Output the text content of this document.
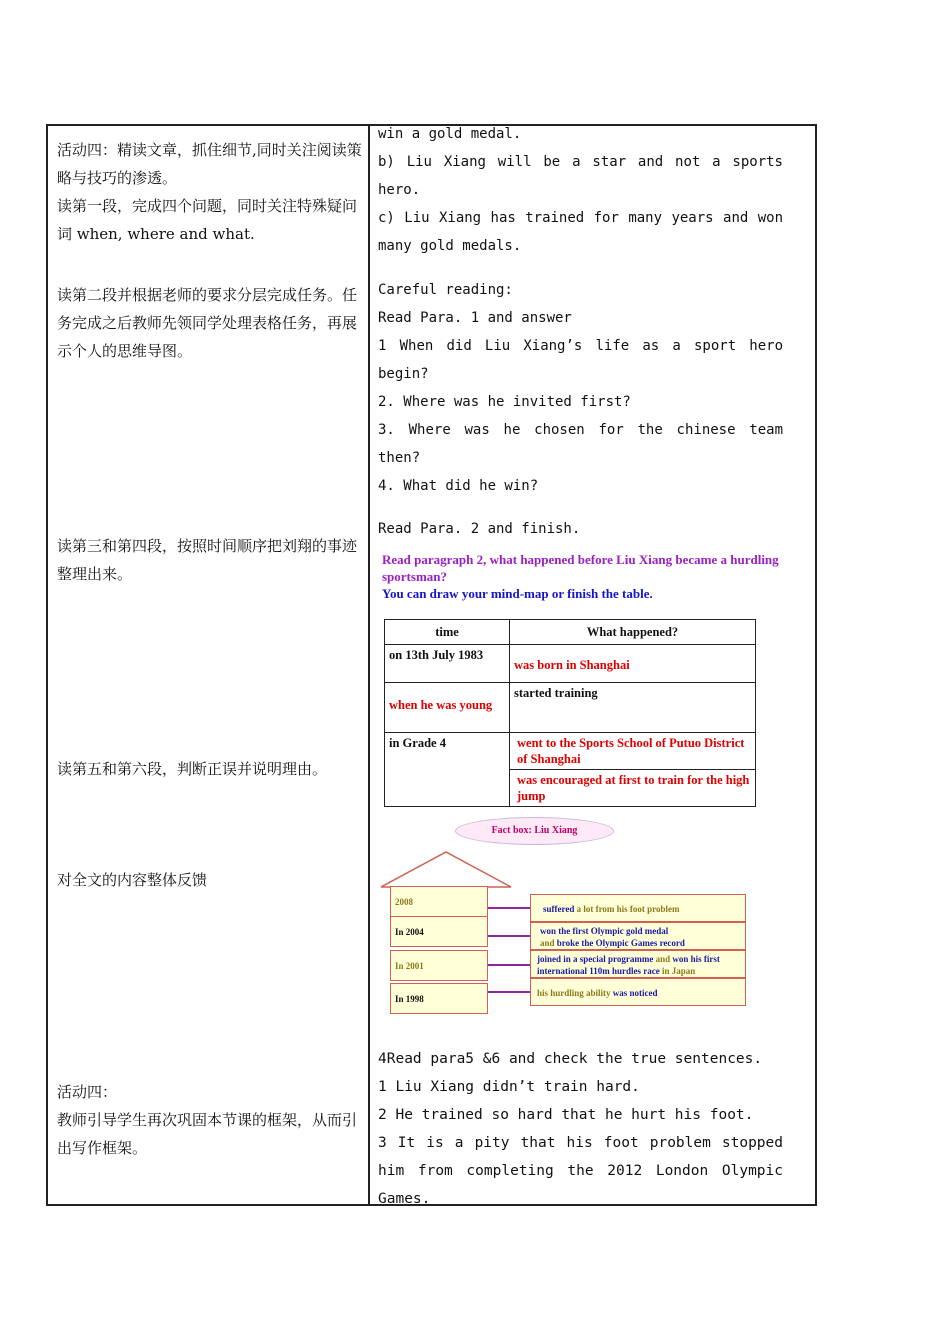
活动四：精读文章，抓住细节,同时关注阅读策略与技巧的渗透。

读第一段，完成四个问题，同时关注特殊疑问词 when, where and what.

读第二段并根据老师的要求分层完成任务。任务完成之后教师先领同学处理表格任务，再展示个人的思维导图。

读第三和第四段，按照时间顺序把刘翔的事迹整理出来。

读第五和第六段，判断正误并说明理由。

对全文的内容整体反馈

活动四：

教师引导学生再次巩固本节课的框架，从而引出写作框架。

win a gold medal.

b) Liu Xiang will be a star and not a sports hero.

c) Liu Xiang has trained for many years and won many gold medals.

Careful reading:

Read Para. 1 and answer

1 When did Liu Xiang’s life as a sport hero begin?

2. Where was he invited first?

3. Where was he chosen for the chinese team then?

4. What did he win?

Read Para. 2 and finish.
Read paragraph 2, what happened before Liu Xiang became a hurdling sportsman?
You can draw your mind-map or finish the table.
time	What happened?
on 13th July 1983	was born in Shanghai
when he was young	started training
in Grade 4	went to the Sports School of Putuo District of Shanghai
	was encouraged at first to train for the high jump
Fact box: Liu Xiang
2008
In 2004
In 2001
In 1998
suffered a lot from his foot problem
won the first Olympic gold medal
and broke the Olympic Games record
joined in a special programme and won his first international 110m hurdles race in Japan
his hurdling ability was noticed

4Read para5 &6 and check the true sentences.

1 Liu Xiang didn’t train hard.

2 He trained so hard that he hurt his foot.

3 It is a pity that his foot problem stopped him from completing the 2012 London Olympic Games.
